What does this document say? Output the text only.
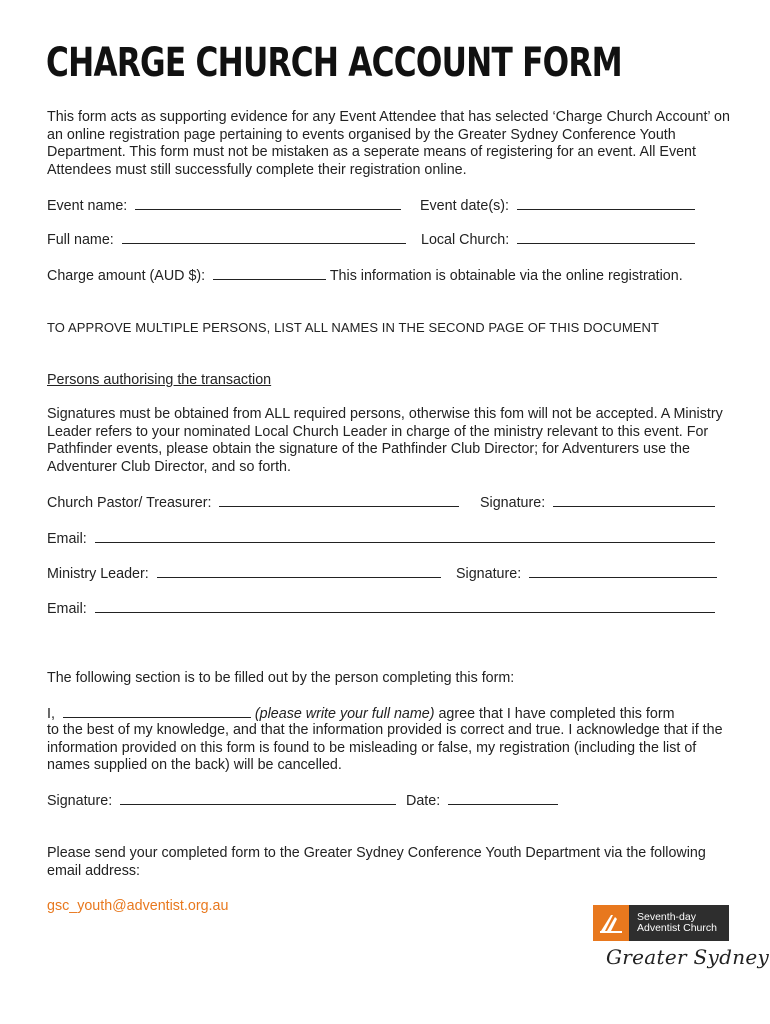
CHARGE CHURCH ACCOUNT FORM
This form acts as supporting evidence for any Event Attendee that has selected ‘Charge Church Account’ on an online registration page pertaining to events organised by the Greater Sydney Conference Youth Department. This form must not be mistaken as a seperate means of registering for an event. All Event Attendees must still successfully complete their registration online.
Event name:	Event date(s):
Full name:	Local Church:
Charge amount (AUD $):	This information is obtainable via the online registration.
TO APPROVE MULTIPLE PERSONS, LIST ALL NAMES IN THE SECOND PAGE OF THIS DOCUMENT
Persons authorising the transaction
Signatures must be obtained from ALL required persons, otherwise this fom will not be accepted. A Ministry Leader refers to your nominated Local Church Leader in charge of the ministry relevant to this event. For Pathfinder events, please obtain the signature of the Pathfinder Club Director; for Adventurers use the Adventurer Club Director, and so forth.
Church Pastor/ Treasurer:	Signature:
Email:
Ministry Leader:	Signature:
Email:
The following section is to be filled out by the person completing this form:
I,	(please write your full name) agree that I have completed this form
to the best of my knowledge, and that the information provided is correct and true. I acknowledge that if the information provided on this form is found to be misleading or false, my registration (including the list of names supplied on the back) will be cancelled.
Signature:	Date:
Please send your completed form to the Greater Sydney Conference Youth Department via the following email address:
gsc_youth@adventist.org.au
Seventh-day
Adventist Church
Greater Sydney
